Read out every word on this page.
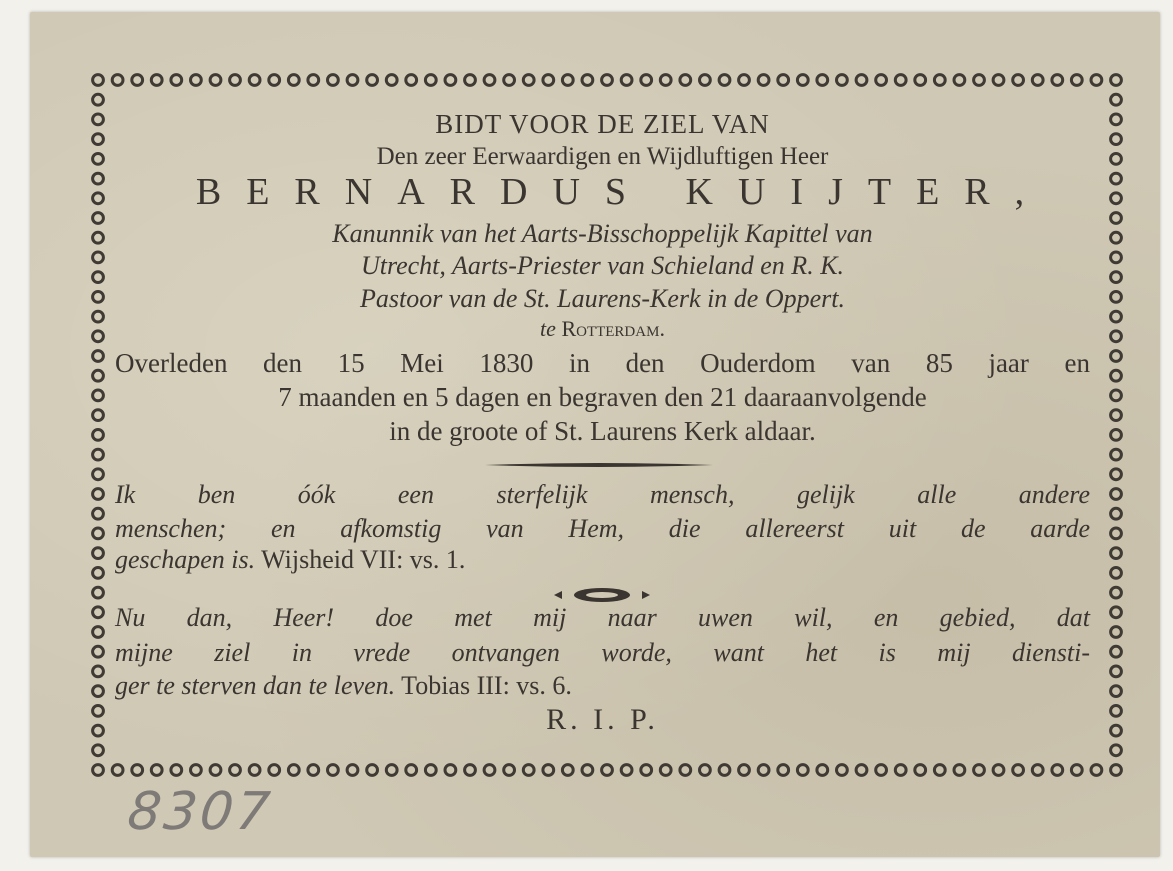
BIDT VOOR DE ZIEL VAN
Den zeer Eerwaardigen en Wijdluftigen Heer
BERNARDUS KUIJTER,
Kanunnik van het Aarts-Bisschoppelijk Kapittel van
Utrecht, Aarts-Priester van Schieland en R. K.
Pastoor van de St. Laurens-Kerk in de Oppert.
te Rotterdam.
Overleden den 15 Mei 1830 in den Ouderdom van 85 jaar en
7 maanden en 5 dagen en begraven den 21 daaraanvolgende
in de groote of St. Laurens Kerk aldaar.
Ik ben óók een sterfelijk mensch, gelijk alle andere
menschen; en afkomstig van Hem, die allereerst uit de aarde
geschapen is. Wijsheid VII: vs. 1.
Nu dan, Heer! doe met mij naar uwen wil, en gebied, dat
mijne ziel in vrede ontvangen worde, want het is mij diensti-
ger te sterven dan te leven. Tobias III: vs. 6.
R. I. P.
8307
